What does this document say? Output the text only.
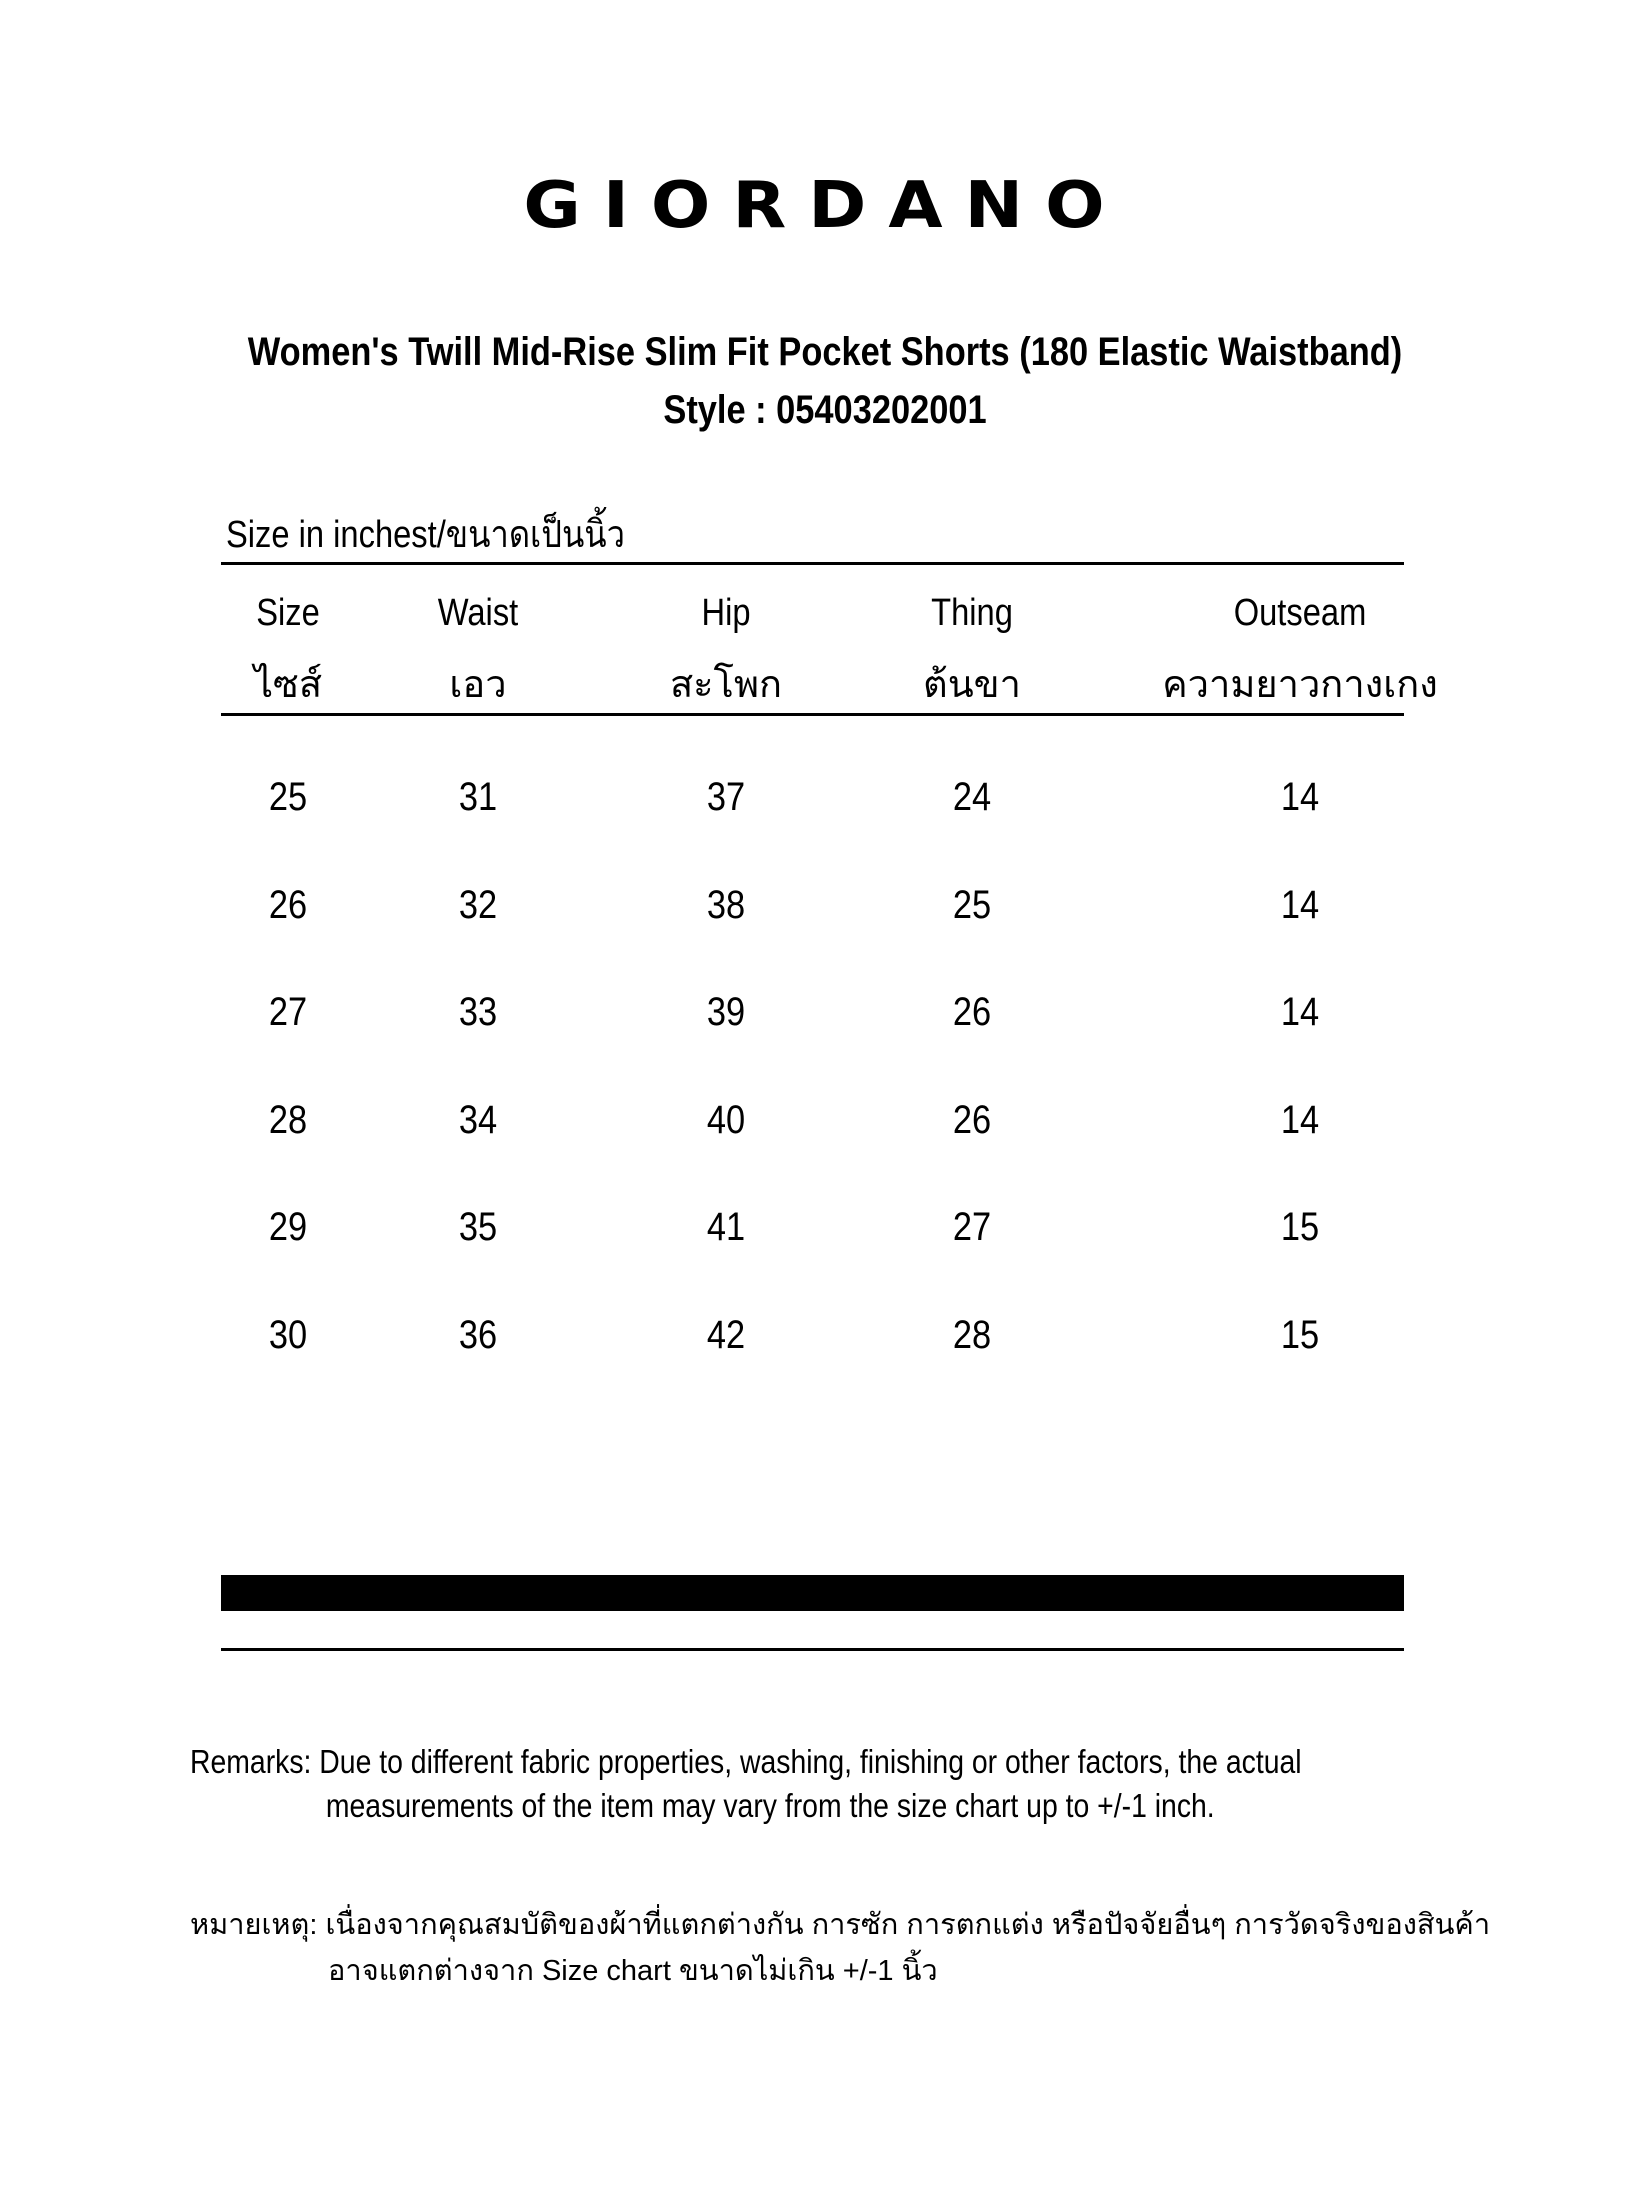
GIORDANO
Women's Twill Mid-Rise Slim Fit Pocket Shorts (180 Elastic Waistband)
Style : 05403202001
Size in inchest/ขนาดเป็นนิ้ว
Size	Waist	Hip	Thing	Outseam
ไซส์	เอว	สะโพก	ต้นขา	ความยาวกางเกง
25	31	37	24	14
26	32	38	25	14
27	33	39	26	14
28	34	40	26	14
29	35	41	27	15
30	36	42	28	15
Remarks: Due to different fabric properties, washing, finishing or other factors, the actual
measurements of the item may vary from the size chart up to +/-1 inch.
หมายเหตุ: เนื่องจากคุณสมบัติของผ้าที่แตกต่างกัน การซัก การตกแต่ง หรือปัจจัยอื่นๆ การวัดจริงของสินค้า
อาจแตกต่างจาก Size chart ขนาดไม่เกิน +/-1 นิ้ว
